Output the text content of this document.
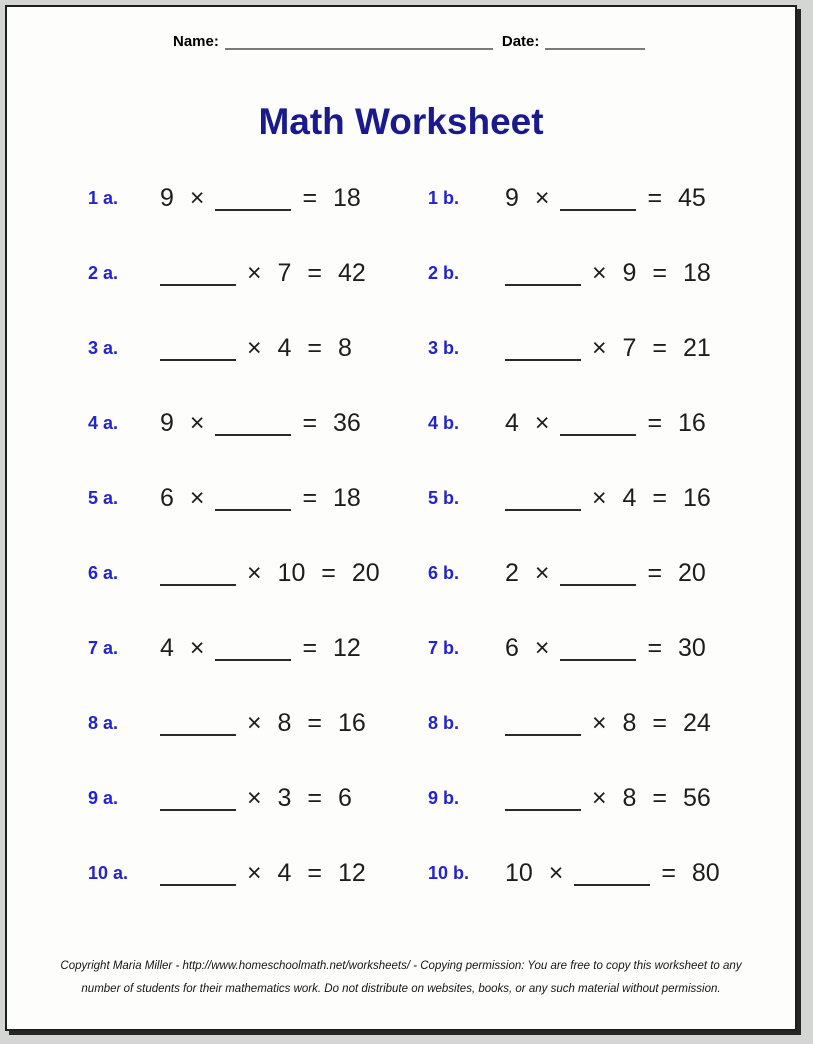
Name:	Date:
Math Worksheet
1 a.	9 ×	= 18	1 b.	9 ×	= 45
2 a.	× 7 = 42	2 b.	× 9 = 18
3 a.	× 4 = 8	3 b.	× 7 = 21
4 a.	9 ×	= 36	4 b.	4 ×	= 16
5 a.	6 ×	= 18	5 b.	× 4 = 16
6 a.	× 10 = 20	6 b.	2 ×	= 20
7 a.	4 ×	= 12	7 b.	6 ×	= 30
8 a.	× 8 = 16	8 b.	× 8 = 24
9 a.	× 3 = 6	9 b.	× 8 = 56
10 a.	× 4 = 12	10 b.	10 ×	= 80
Copyright Maria Miller - http://www.homeschoolmath.net/worksheets/ - Copying permission: You are free to copy this worksheet to any
number of students for their mathematics work. Do not distribute on websites, books, or any such material without permission.
